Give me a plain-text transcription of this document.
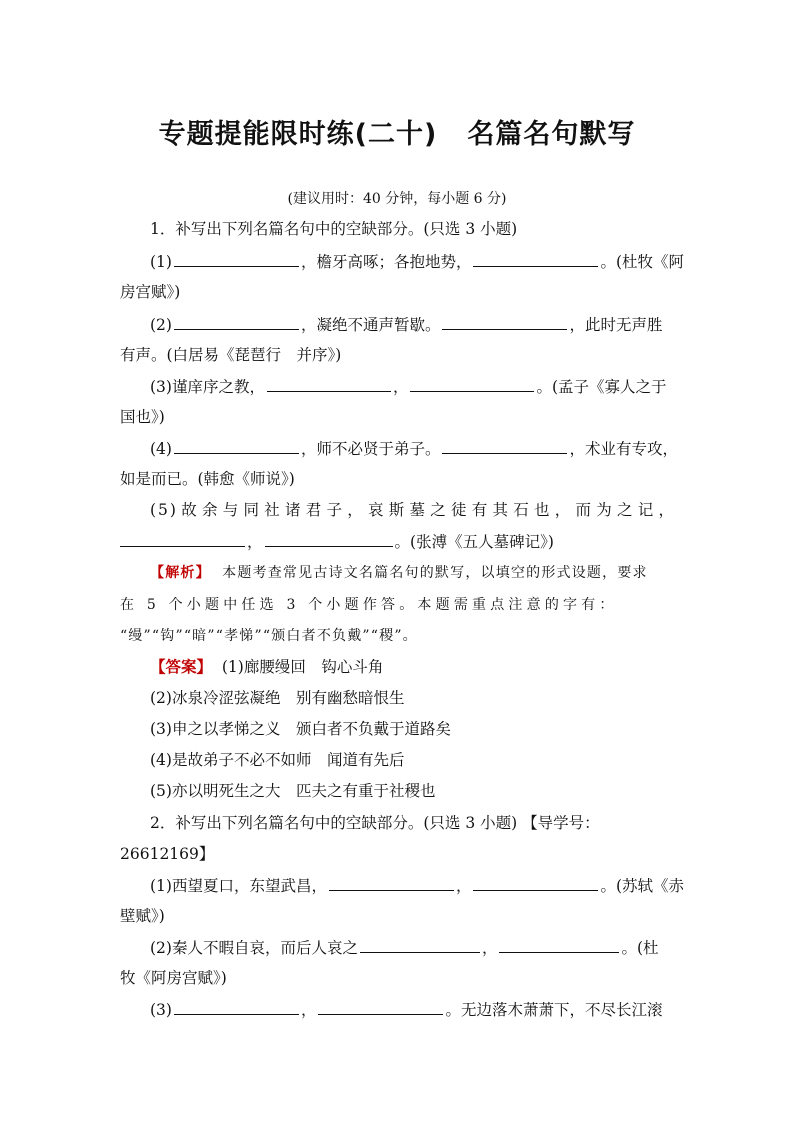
专题提能限时练(二十) 名篇名句默写
(建议用时：40 分钟，每小题 6 分)
1．补写出下列名篇名句中的空缺部分。(只选 3 小题)
(1)	，檐牙高啄；各抱地势，	。(杜牧《阿
房宫赋》)
(2)	，凝绝不通声暂歇。	，此时无声胜
有声。(白居易《琵琶行　并序》)
(3)谨庠序之教，	，	。(孟子《寡人之于
国也》)
(4)	，师不必贤于弟子。	，术业有专攻，
如是而已。(韩愈《师说》)
(5)故余与同社诸君子，哀斯墓之徒有其石也，而为之记，
，	。(张溥《五人墓碑记》)
【解析】 本题考查常见古诗文名篇名句的默写，以填空的形式设题，要求
在 5 个小题中任选 3 个小题作答。本题需重点注意的字有：
“缦”“钩”“暗”“孝悌”“颁白者不负戴”“稷”。
【答案】 (1)廊腰缦回　钩心斗角
(2)冰泉冷涩弦凝绝　别有幽愁暗恨生
(3)申之以孝悌之义　颁白者不负戴于道路矣
(4)是故弟子不必不如师　闻道有先后
(5)亦以明死生之大　匹夫之有重于社稷也
2．补写出下列名篇名句中的空缺部分。(只选 3 小题) 【导学号：
26612169】
(1)西望夏口，东望武昌，	，	。(苏轼《赤
壁赋》)
(2)秦人不暇自哀，而后人哀之	，	。(杜
牧《阿房宫赋》)
(3)	，	。无边落木萧萧下，不尽长江滚
